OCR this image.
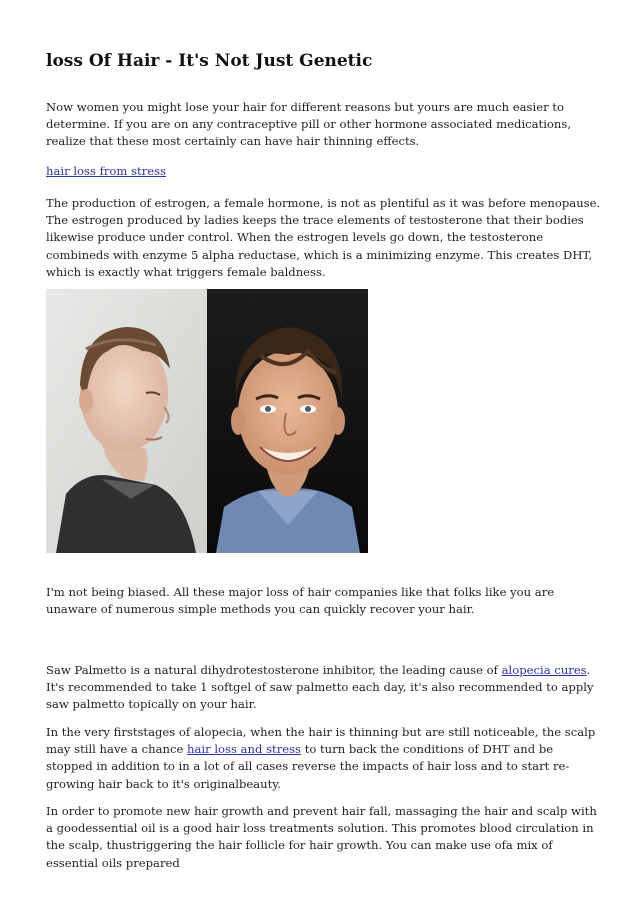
loss Of Hair - It's Not Just Genetic

Now women you might lose your hair for different reasons but yours are much easier to determine. If you are on any contraceptive pill or other hormone associated medications, realize that these most certainly can have hair thinning effects.

hair loss from stress

The production of estrogen, a female hormone, is not as plentiful as it was before menopause. The estrogen produced by ladies keeps the trace elements of testosterone that their bodies likewise produce under control. When the estrogen levels go down, the testosterone combineds with enzyme 5 alpha reductase, which is a minimizing enzyme. This creates DHT, which is exactly what triggers female baldness.

I'm not being biased. All these major loss of hair companies like that folks like you are unaware of numerous simple methods you can quickly recover your hair.

Saw Palmetto is a natural dihydrotestosterone inhibitor, the leading cause of alopecia cures. It's recommended to take 1 softgel of saw palmetto each day, it's also recommended to apply saw palmetto topically on your hair.

In the very firststages of alopecia, when the hair is thinning but are still noticeable, the scalp may still have a chance hair loss and stress to turn back the conditions of DHT and be stopped in addition to in a lot of all cases reverse the impacts of hair loss and to start re-growing hair back to it's originalbeauty.

In order to promote new hair growth and prevent hair fall, massaging the hair and scalp with a goodessential oil is a good hair loss treatments solution. This promotes blood circulation in the scalp, thustriggering the hair follicle for hair growth. You can make use ofa mix of essential oils prepared
